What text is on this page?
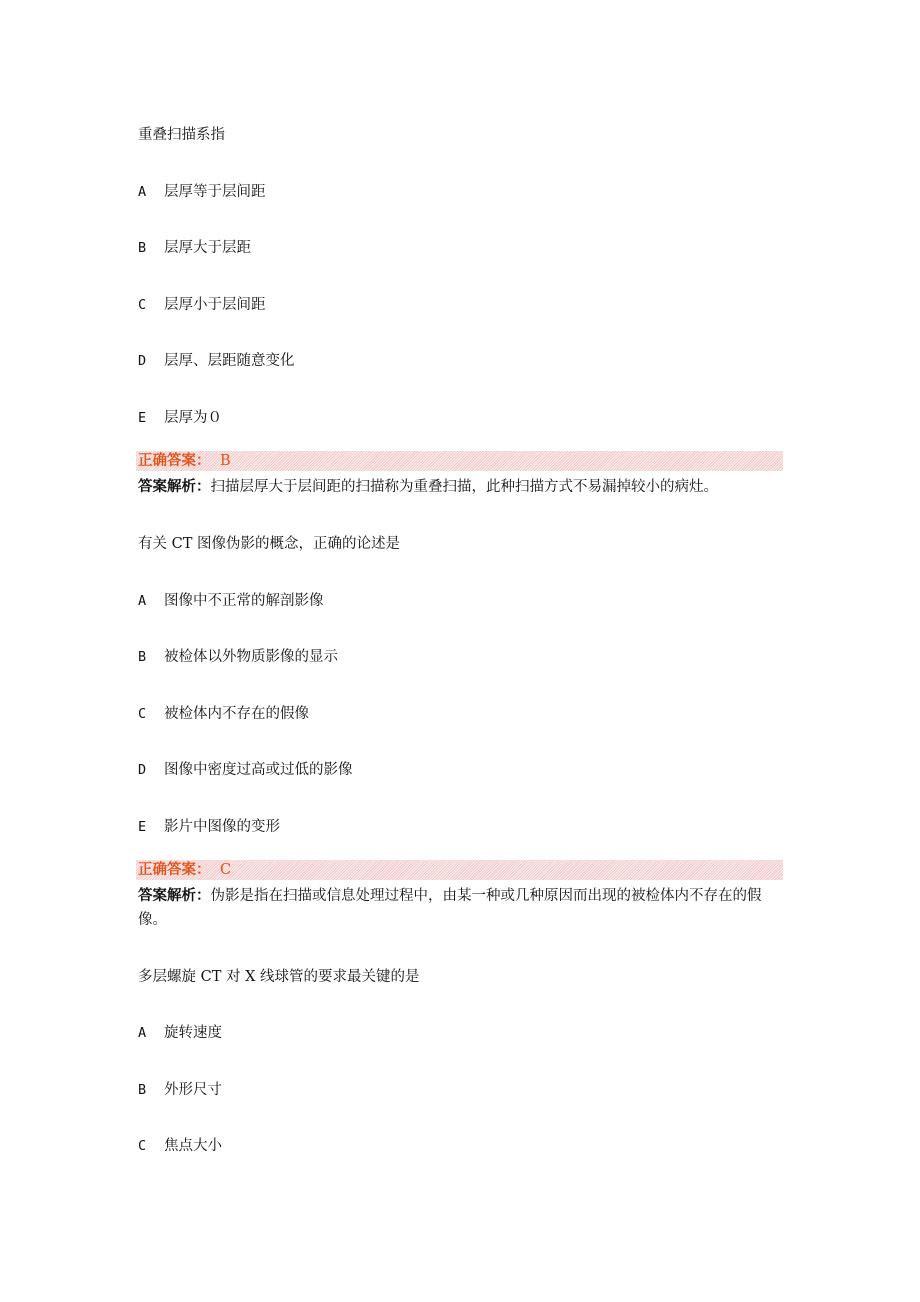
重叠扫描系指
A 层厚等于层间距
B 层厚大于层距
C 层厚小于层间距
D 层厚、层距随意变化
E 层厚为０
正确答案： B
答案解析：扫描层厚大于层间距的扫描称为重叠扫描，此种扫描方式不易漏掉较小的病灶。
有关 CT 图像伪影的概念，正确的论述是
A 图像中不正常的解剖影像
B 被检体以外物质影像的显示
C 被检体内不存在的假像
D 图像中密度过高或过低的影像
E 影片中图像的变形
正确答案： C
答案解析：伪影是指在扫描或信息处理过程中，由某一种或几种原因而出现的被检体内不存在的假像。
多层螺旋 CT 对 X 线球管的要求最关键的是
A 旋转速度
B 外形尺寸
C 焦点大小
